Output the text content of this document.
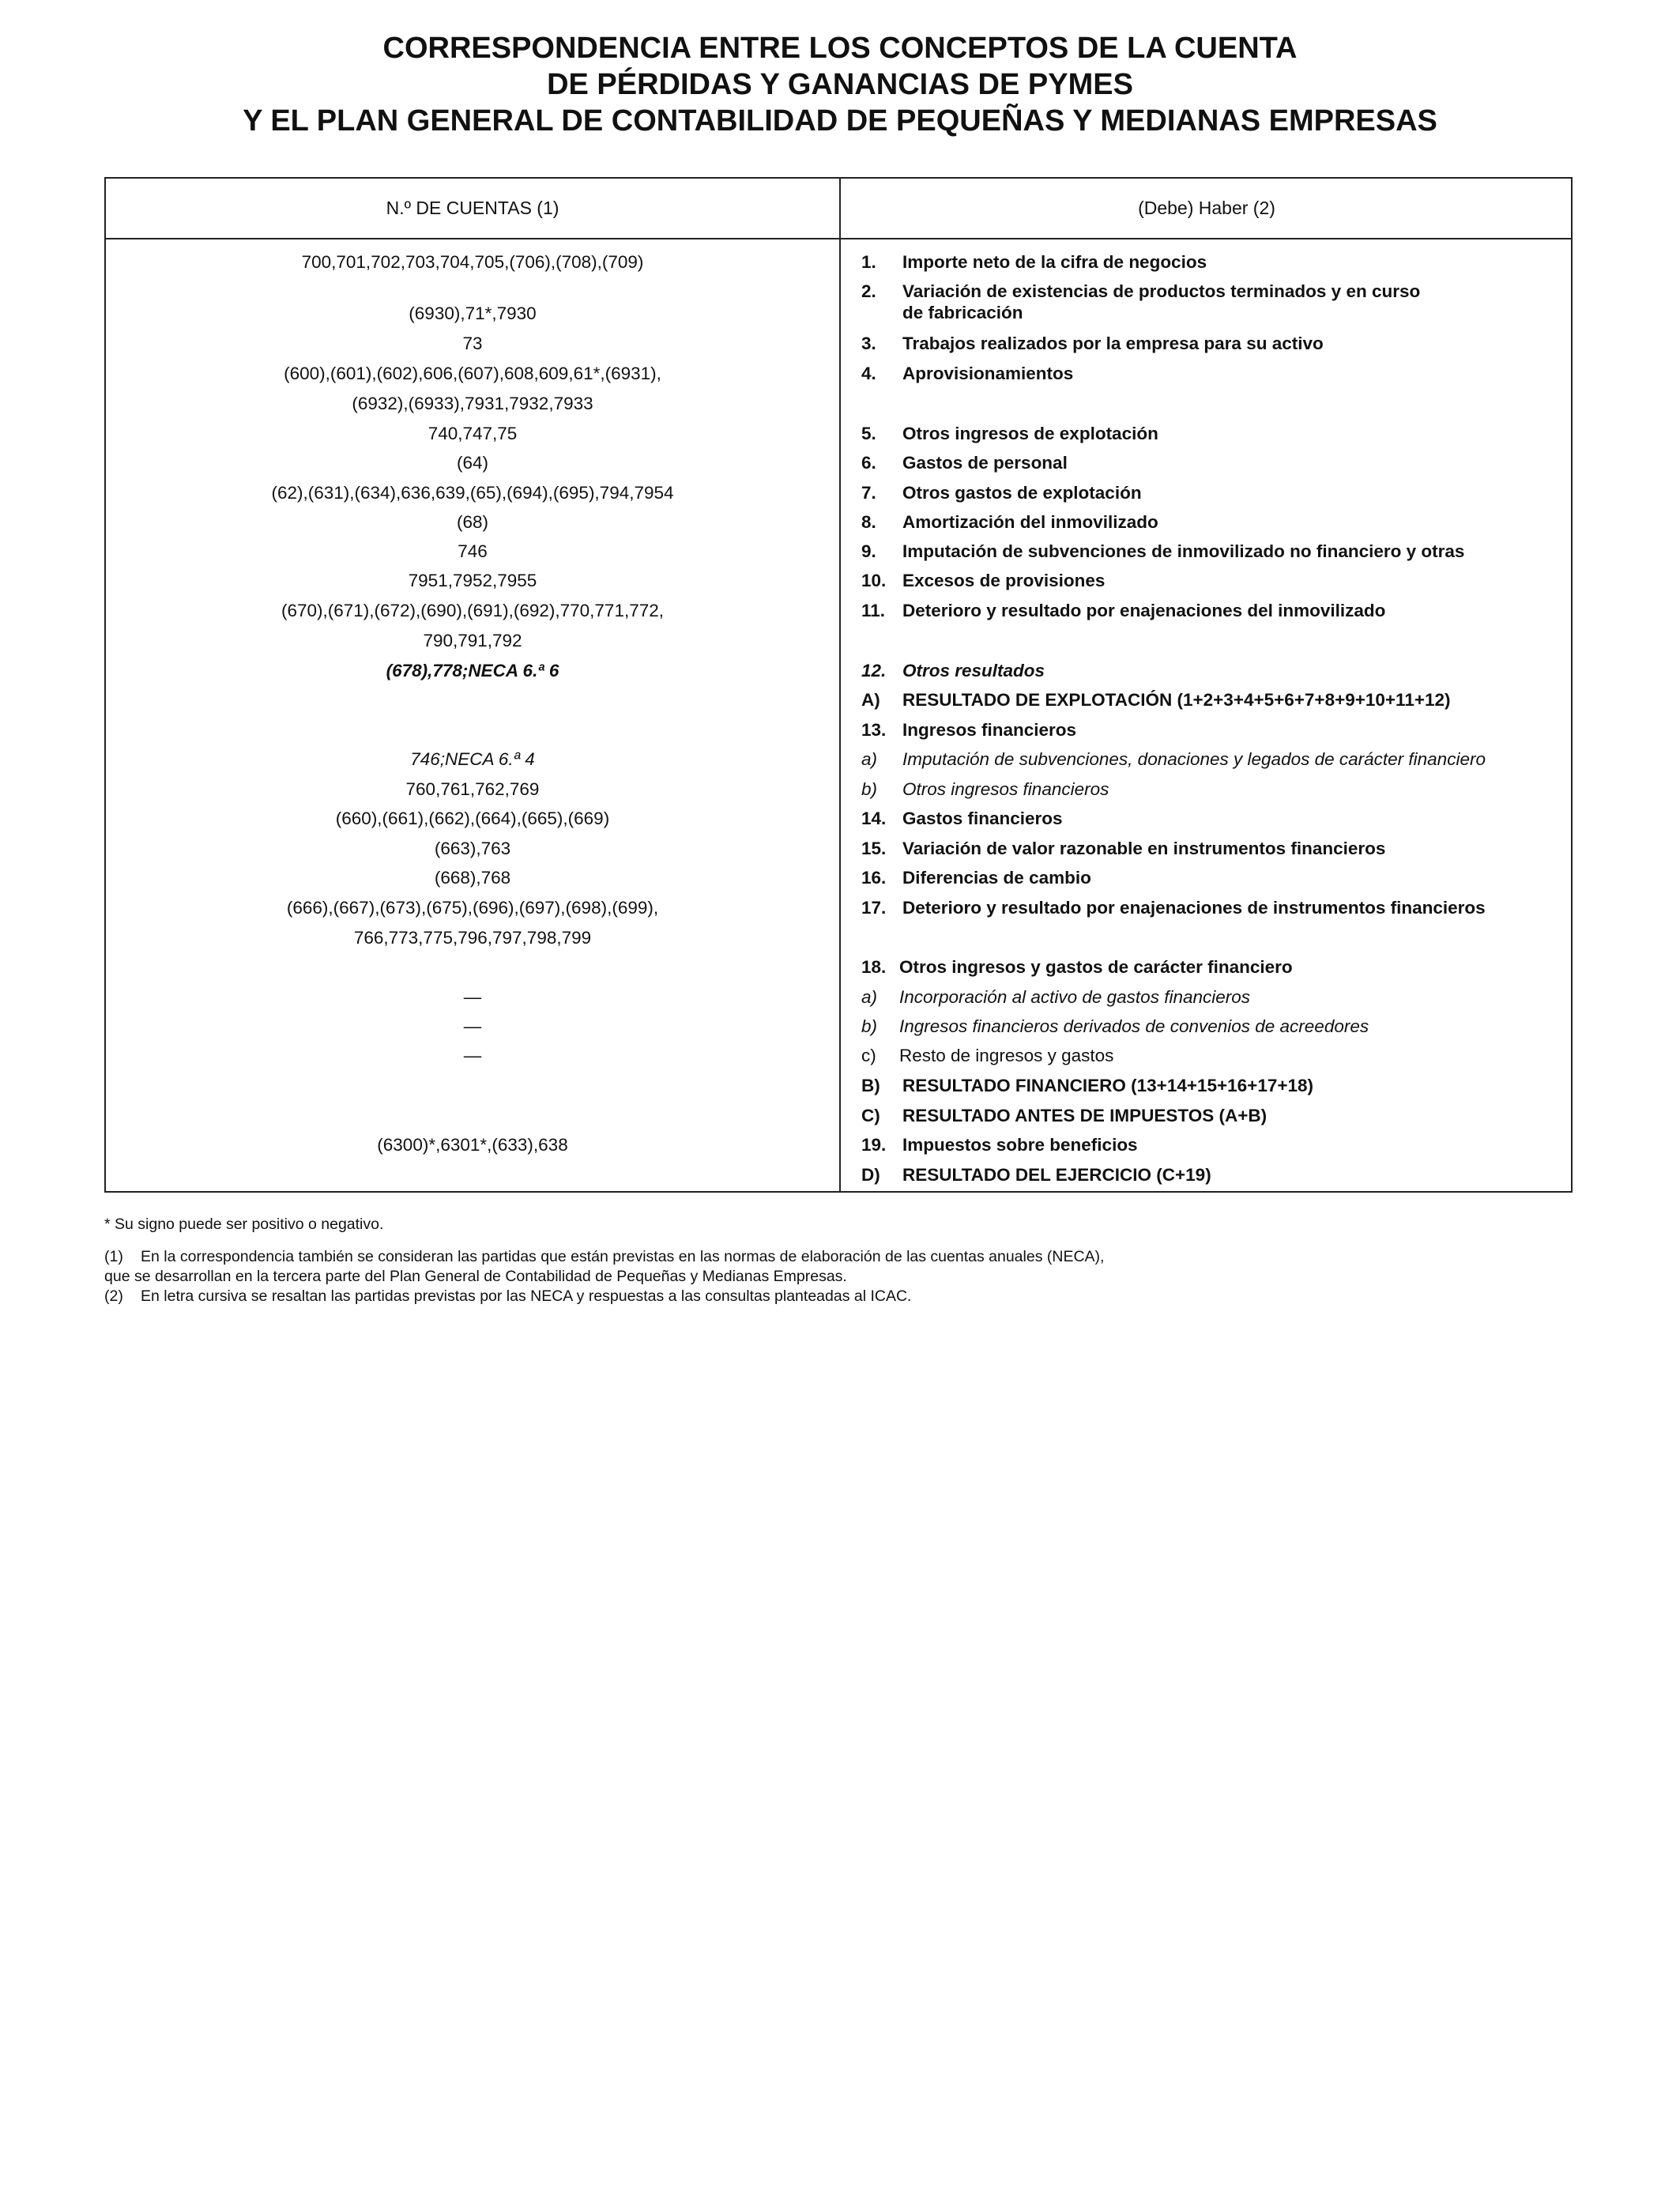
CORRESPONDENCIA ENTRE LOS CONCEPTOS DE LA CUENTA
DE PÉRDIDAS Y GANANCIAS DE PYMES
Y EL PLAN GENERAL DE CONTABILIDAD DE PEQUEÑAS Y MEDIANAS EMPRESAS
N.º DE CUENTAS (1)	(Debe) Haber (2)
700,701,702,703,704,705,(706),(708),(709)
(6930),71*,7930
73
(600),(601),(602),606,(607),608,609,61*,(6931),
(6932),(6933),7931,7932,7933
740,747,75
(64)
(62),(631),(634),636,639,(65),(694),(695),794,7954
(68)
746
7951,7952,7955
(670),(671),(672),(690),(691),(692),770,771,772,
790,791,792
(678),778;NECA 6.ª 6
746;NECA 6.ª 4
760,761,762,769
(660),(661),(662),(664),(665),(669)
(663),763
(668),768
(666),(667),(673),(675),(696),(697),(698),(699),
766,773,775,796,797,798,799
—
—
—
(6300)*,6301*,(633),638
1. Importe neto de la cifra de negocios
2. Variación de existencias de productos terminados y en curso
de fabricación
3. Trabajos realizados por la empresa para su activo
4. Aprovisionamientos
5. Otros ingresos de explotación
6. Gastos de personal
7. Otros gastos de explotación
8. Amortización del inmovilizado
9. Imputación de subvenciones de inmovilizado no financiero y otras
10. Excesos de provisiones
11. Deterioro y resultado por enajenaciones del inmovilizado
12. Otros resultados
A) RESULTADO DE EXPLOTACIÓN (1+2+3+4+5+6+7+8+9+10+11+12)
13. Ingresos financieros
a) Imputación de subvenciones, donaciones y legados de carácter financiero
b) Otros ingresos financieros
14. Gastos financieros
15. Variación de valor razonable en instrumentos financieros
16. Diferencias de cambio
17. Deterioro y resultado por enajenaciones de instrumentos financieros
18. Otros ingresos y gastos de carácter financiero
a) Incorporación al activo de gastos financieros
b) Ingresos financieros derivados de convenios de acreedores
c) Resto de ingresos y gastos
B) RESULTADO FINANCIERO (13+14+15+16+17+18)
C) RESULTADO ANTES DE IMPUESTOS (A+B)
19. Impuestos sobre beneficios
D) RESULTADO DEL EJERCICIO (C+19)
* Su signo puede ser positivo o negativo.
(1) En la correspondencia también se consideran las partidas que están previstas en las normas de elaboración de las cuentas anuales (NECA),
que se desarrollan en la tercera parte del Plan General de Contabilidad de Pequeñas y Medianas Empresas.
(2) En letra cursiva se resaltan las partidas previstas por las NECA y respuestas a las consultas planteadas al ICAC.
